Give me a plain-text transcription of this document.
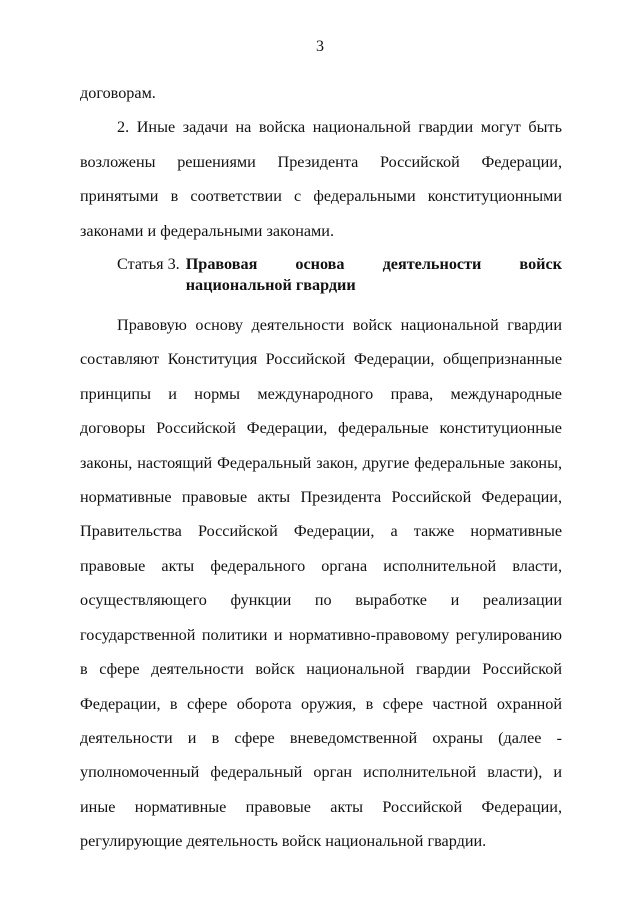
3

договорам.

2. Иные задачи на войска национальной гвардии могут быть возложены решениями Президента Российской Федерации, принятыми в соответствии с федеральными конституционными законами и федеральными законами.

Статья 3. Правовая основа деятельности войск национальной гвардии

Правовую основу деятельности войск национальной гвардии составляют Конституция Российской Федерации, общепризнанные принципы и нормы международного права, международные договоры Российской Федерации, федеральные конституционные законы, настоящий Федеральный закон, другие федеральные законы, нормативные правовые акты Президента Российской Федерации, Правительства Российской Федерации, а также нормативные правовые акты федерального органа исполнительной власти, осуществляющего функции по выработке и реализации государственной политики и нормативно-правовому регулированию в сфере деятельности войск национальной гвардии Российской Федерации, в сфере оборота оружия, в сфере частной охранной деятельности и в сфере вневедомственной охраны (далее - уполномоченный федеральный орган исполнительной власти), и иные нормативные правовые акты Российской Федерации, регулирующие деятельность войск национальной гвардии.
